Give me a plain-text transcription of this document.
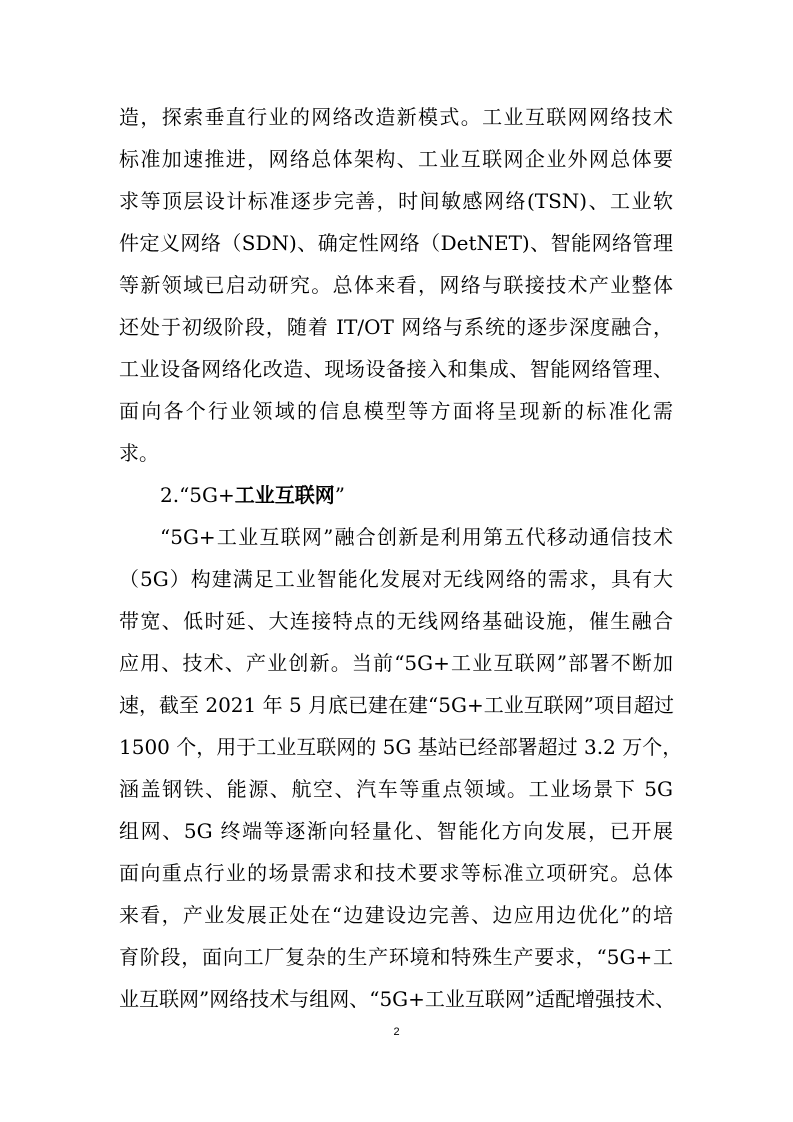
造，探索垂直行业的网络改造新模式。工业互联网网络技术
标准加速推进，网络总体架构、工业互联网企业外网总体要
求等顶层设计标准逐步完善，时间敏感网络(TSN)、工业软
件定义网络（SDN)、确定性网络（DetNET)、智能网络管理
等新领域已启动研究。总体来看，网络与联接技术产业整体
还处于初级阶段，随着 IT/OT 网络与系统的逐步深度融合，
工业设备网络化改造、现场设备接入和集成、智能网络管理、
面向各个行业领域的信息模型等方面将呈现新的标准化需
求。
2.“5G+工业互联网”
“5G+工业互联网”融合创新是利用第五代移动通信技术
（5G）构建满足工业智能化发展对无线网络的需求，具有大
带宽、低时延、大连接特点的无线网络基础设施，催生融合
应用、技术、产业创新。当前“5G+工业互联网”部署不断加
速，截至 2021 年 5 月底已建在建“5G+工业互联网”项目超过
1500 个，用于工业互联网的 5G 基站已经部署超过 3.2 万个，
涵盖钢铁、能源、航空、汽车等重点领域。工业场景下 5G
组网、5G 终端等逐渐向轻量化、智能化方向发展，已开展
面向重点行业的场景需求和技术要求等标准立项研究。总体
来看，产业发展正处在“边建设边完善、边应用边优化”的培
育阶段，面向工厂复杂的生产环境和特殊生产要求，“5G+工
业互联网”网络技术与组网、“5G+工业互联网”适配增强技术、
2
